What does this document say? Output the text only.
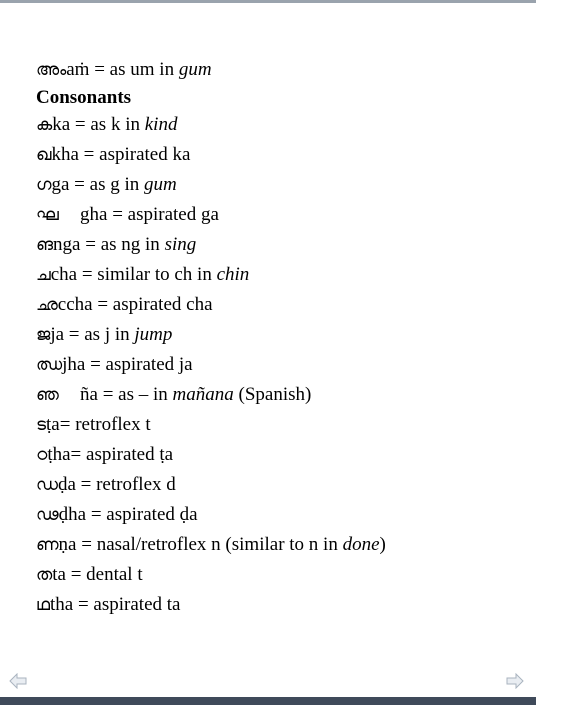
അംaṁ = as um in gum
Consonants
കka = as k in kind
ഖkha = aspirated ka
ഗga = as g in gum
ഘ gha = aspirated ga
ങnga = as ng in sing
ചcha = similar to ch in chin
ഛccha = aspirated cha
ജja = as j in jump
ഝjha = aspirated ja
ഞ ña = as – in mañana (Spanish)
ടṭa= retroflex t
ഠṭha= aspirated ṭa
ഡḍa = retroflex d
ഢḍha = aspirated ḍa
ണṇa = nasal/retroflex n (similar to n in done)
തta = dental t
ഥtha = aspirated ta
